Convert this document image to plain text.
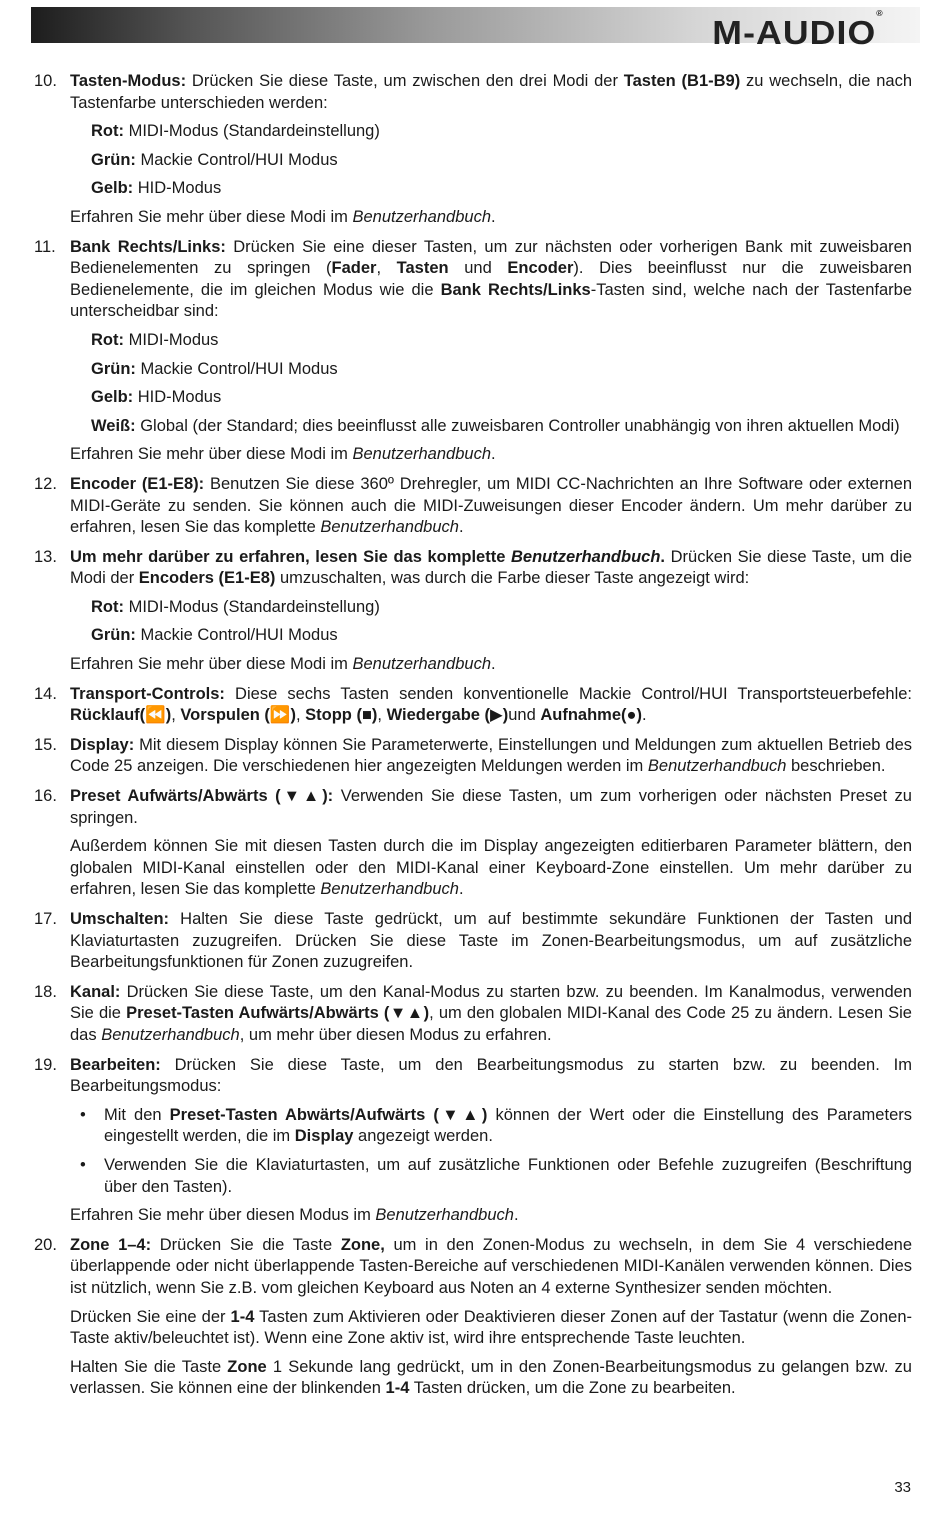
M-AUDIO®
10. Tasten-Modus: Drücken Sie diese Taste, um zwischen den drei Modi der Tasten (B1-B9) zu wechseln, die nach Tastenfarbe unterschieden werden:

Rot: MIDI-Modus (Standardeinstellung)

Grün: Mackie Control/HUI Modus

Gelb: HID-Modus

Erfahren Sie mehr über diese Modi im Benutzerhandbuch.

11. Bank Rechts/Links: Drücken Sie eine dieser Tasten, um zur nächsten oder vorherigen Bank mit zuweisbaren Bedienelementen zu springen (Fader, Tasten und Encoder). Dies beeinflusst nur die zuweisbaren Bedienelemente, die im gleichen Modus wie die Bank Rechts/Links-Tasten sind, welche nach der Tastenfarbe unterscheidbar sind:

Rot: MIDI-Modus

Grün: Mackie Control/HUI Modus

Gelb: HID-Modus

Weiß: Global (der Standard; dies beeinflusst alle zuweisbaren Controller unabhängig von ihren aktuellen Modi)

Erfahren Sie mehr über diese Modi im Benutzerhandbuch.

12. Encoder (E1-E8): Benutzen Sie diese 360º Drehregler, um MIDI CC-Nachrichten an Ihre Software oder externen MIDI-Geräte zu senden. Sie können auch die MIDI-Zuweisungen dieser Encoder ändern. Um mehr darüber zu erfahren, lesen Sie das komplette Benutzerhandbuch.

13. Um mehr darüber zu erfahren, lesen Sie das komplette Benutzerhandbuch. Drücken Sie diese Taste, um die Modi der Encoders (E1-E8) umzuschalten, was durch die Farbe dieser Taste angezeigt wird:

Rot: MIDI-Modus (Standardeinstellung)

Grün: Mackie Control/HUI Modus

Erfahren Sie mehr über diese Modi im Benutzerhandbuch.

14. Transport-Controls: Diese sechs Tasten senden konventionelle Mackie Control/HUI Transportsteuerbefehle: Rücklauf(⏪), Vorspulen (⏩), Stopp (■), Wiedergabe (▶)und Aufnahme(●).

15. Display: Mit diesem Display können Sie Parameterwerte, Einstellungen und Meldungen zum aktuellen Betrieb des Code 25 anzeigen. Die verschiedenen hier angezeigten Meldungen werden im Benutzerhandbuch beschrieben.

16. Preset Aufwärts/Abwärts (▼▲): Verwenden Sie diese Tasten, um zum vorherigen oder nächsten Preset zu springen.

Außerdem können Sie mit diesen Tasten durch die im Display angezeigten editierbaren Parameter blättern, den globalen MIDI-Kanal einstellen oder den MIDI-Kanal einer Keyboard-Zone einstellen. Um mehr darüber zu erfahren, lesen Sie das komplette Benutzerhandbuch.

17. Umschalten: Halten Sie diese Taste gedrückt, um auf bestimmte sekundäre Funktionen der Tasten und Klaviaturtasten zuzugreifen. Drücken Sie diese Taste im Zonen-Bearbeitungsmodus, um auf zusätzliche Bearbeitungsfunktionen für Zonen zuzugreifen.

18. Kanal: Drücken Sie diese Taste, um den Kanal-Modus zu starten bzw. zu beenden. Im Kanalmodus, verwenden Sie die Preset-Tasten Aufwärts/Abwärts (▼▲), um den globalen MIDI-Kanal des Code 25 zu ändern. Lesen Sie das Benutzerhandbuch, um mehr über diesen Modus zu erfahren.

19. Bearbeiten: Drücken Sie diese Taste, um den Bearbeitungsmodus zu starten bzw. zu beenden. Im Bearbeitungsmodus:

• Mit den Preset-Tasten Abwärts/Aufwärts (▼▲) können der Wert oder die Einstellung des Parameters eingestellt werden, die im Display angezeigt werden.
• Verwenden Sie die Klaviaturtasten, um auf zusätzliche Funktionen oder Befehle zuzugreifen (Beschriftung über den Tasten).

Erfahren Sie mehr über diesen Modus im Benutzerhandbuch.

20. Zone 1–4: Drücken Sie die Taste Zone, um in den Zonen-Modus zu wechseln, in dem Sie 4 verschiedene überlappende oder nicht überlappende Tasten-Bereiche auf verschiedenen MIDI-Kanälen verwenden können. Dies ist nützlich, wenn Sie z.B. vom gleichen Keyboard aus Noten an 4 externe Synthesizer senden möchten.

Drücken Sie eine der 1-4 Tasten zum Aktivieren oder Deaktivieren dieser Zonen auf der Tastatur (wenn die Zonen-Taste aktiv/beleuchtet ist). Wenn eine Zone aktiv ist, wird ihre entsprechende Taste leuchten.

Halten Sie die Taste Zone 1 Sekunde lang gedrückt, um in den Zonen-Bearbeitungsmodus zu gelangen bzw. zu verlassen. Sie können eine der blinkenden 1-4 Tasten drücken, um die Zone zu bearbeiten.

33
